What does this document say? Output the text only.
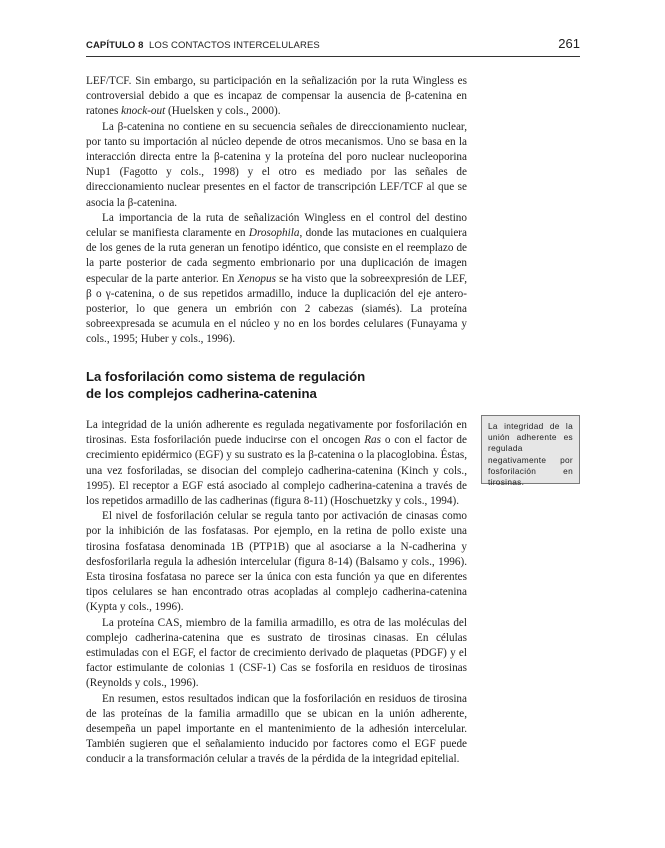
CAPÍTULO 8 LOS CONTACTOS INTERCELULARES	261

LEF/TCF. Sin embargo, su participación en la señalización por la ruta Wingless es controversial debido a que es incapaz de compensar la ausencia de β-catenina en ratones knock-out (Huelsken y cols., 2000).

La β-catenina no contiene en su secuencia señales de direccionamiento nuclear, por tanto su importación al núcleo depende de otros mecanismos. Uno se basa en la interacción directa entre la β-catenina y la proteína del poro nuclear nucleoporina Nup1 (Fagotto y cols., 1998) y el otro es mediado por las señales de direccionamiento nuclear presentes en el factor de transcripción LEF/TCF al que se asocia la β-catenina.

La importancia de la ruta de señalización Wingless en el control del destino celular se manifiesta claramente en Drosophila, donde las mutaciones en cualquiera de los genes de la ruta generan un fenotipo idéntico, que consiste en el reemplazo de la parte posterior de cada segmento embrionario por una duplicación de imagen especular de la parte anterior. En Xenopus se ha visto que la sobreexpresión de LEF, β o γ-catenina, o de sus repetidos armadillo, induce la duplicación del eje antero-posterior, lo que genera un embrión con 2 cabezas (siamés). La proteína sobreexpresada se acumula en el núcleo y no en los bordes celulares (Funayama y cols., 1995; Huber y cols., 1996).

La fosforilación como sistema de regulación
de los complejos cadherina-catenina

La integridad de la unión adherente es regulada negativamente por fosforilación en tirosinas. Esta fosforilación puede inducirse con el oncogen Ras o con el factor de crecimiento epidérmico (EGF) y su sustrato es la β-catenina o la placoglobina. Éstas, una vez fosforiladas, se disocian del complejo cadherina-catenina (Kinch y cols., 1995). El receptor a EGF está asociado al complejo cadherina-catenina a través de los repetidos armadillo de las cadherinas (figura 8-11) (Hoschuetzky y cols., 1994).

El nivel de fosforilación celular se regula tanto por activación de cinasas como por la inhibición de las fosfatasas. Por ejemplo, en la retina de pollo existe una tirosina fosfatasa denominada 1B (PTP1B) que al asociarse a la N-cadherina y desfosforilarla regula la adhesión intercelular (figura 8-14) (Balsamo y cols., 1996). Esta tirosina fosfatasa no parece ser la única con esta función ya que en diferentes tipos celulares se han encontrado otras acopladas al complejo cadherina-catenina (Kypta y cols., 1996).

La proteína CAS, miembro de la familia armadillo, es otra de las moléculas del complejo cadherina-catenina que es sustrato de tirosinas cinasas. En células estimuladas con el EGF, el factor de crecimiento derivado de plaquetas (PDGF) y el factor estimulante de colonias 1 (CSF-1) Cas se fosforila en residuos de tirosinas (Reynolds y cols., 1996).

En resumen, estos resultados indican que la fosforilación en residuos de tirosina de las proteínas de la familia armadillo que se ubican en la unión adherente, desempeña un papel importante en el mantenimiento de la adhesión intercelular. También sugieren que el señalamiento inducido por factores como el EGF puede conducir a la transformación celular a través de la pérdida de la integridad epitelial.

La integridad de la unión adherente es regulada negativamente por fosforilación en tirosinas.
